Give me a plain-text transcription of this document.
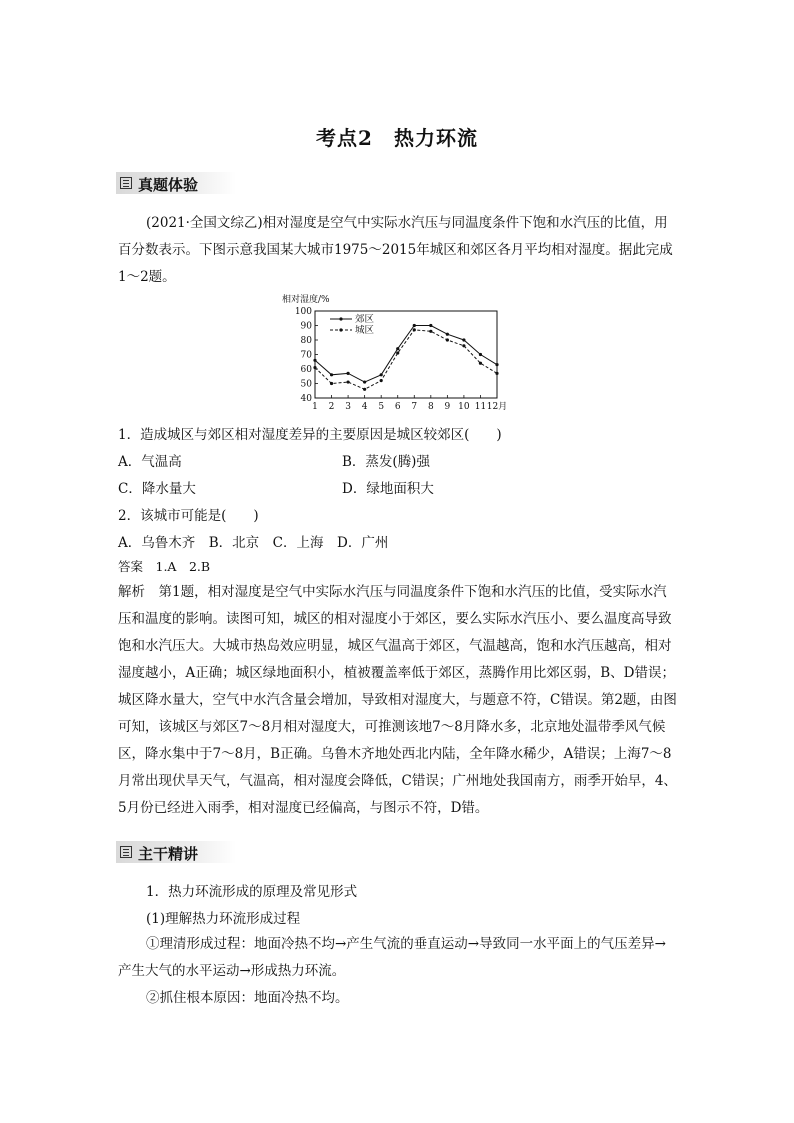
考点2　热力环流
真题体验
(2021·全国文综乙)相对湿度是空气中实际水汽压与同温度条件下饱和水汽压的比值，用百分数表示。下图示意我国某大城市1975～2015年城区和郊区各月平均相对湿度。据此完成1～2题。
相对湿度/%
40
50
60
70
80
90
100
1 2 3 4 5 6 7 8 9 10 11 12月
郊区
城区
1．造成城区与郊区相对湿度差异的主要原因是城区较郊区(　　)
A．气温高	B．蒸发(腾)强
C．降水量大	D．绿地面积大
2．该城市可能是(　　)
A．乌鲁木齐　B．北京　C．上海　D．广州
答案　1.A　2.B
解析　第1题，相对湿度是空气中实际水汽压与同温度条件下饱和水汽压的比值，受实际水汽压和温度的影响。读图可知，城区的相对湿度小于郊区，要么实际水汽压小、要么温度高导致饱和水汽压大。大城市热岛效应明显，城区气温高于郊区，气温越高，饱和水汽压越高，相对湿度越小，A正确；城区绿地面积小，植被覆盖率低于郊区，蒸腾作用比郊区弱，B、D错误；城区降水量大，空气中水汽含量会增加，导致相对湿度大，与题意不符，C错误。第2题，由图可知，该城区与郊区7～8月相对湿度大，可推测该地7～8月降水多，北京地处温带季风气候区，降水集中于7～8月，B正确。乌鲁木齐地处西北内陆，全年降水稀少，A错误；上海7～8月常出现伏旱天气，气温高，相对湿度会降低，C错误；广州地处我国南方，雨季开始早，4、5月份已经进入雨季，相对湿度已经偏高，与图示不符，D错。
主干精讲
1．热力环流形成的原理及常见形式
(1)理解热力环流形成过程
①理清形成过程：地面冷热不均→产生气流的垂直运动→导致同一水平面上的气压差异→产生大气的水平运动→形成热力环流。
②抓住根本原因：地面冷热不均。
